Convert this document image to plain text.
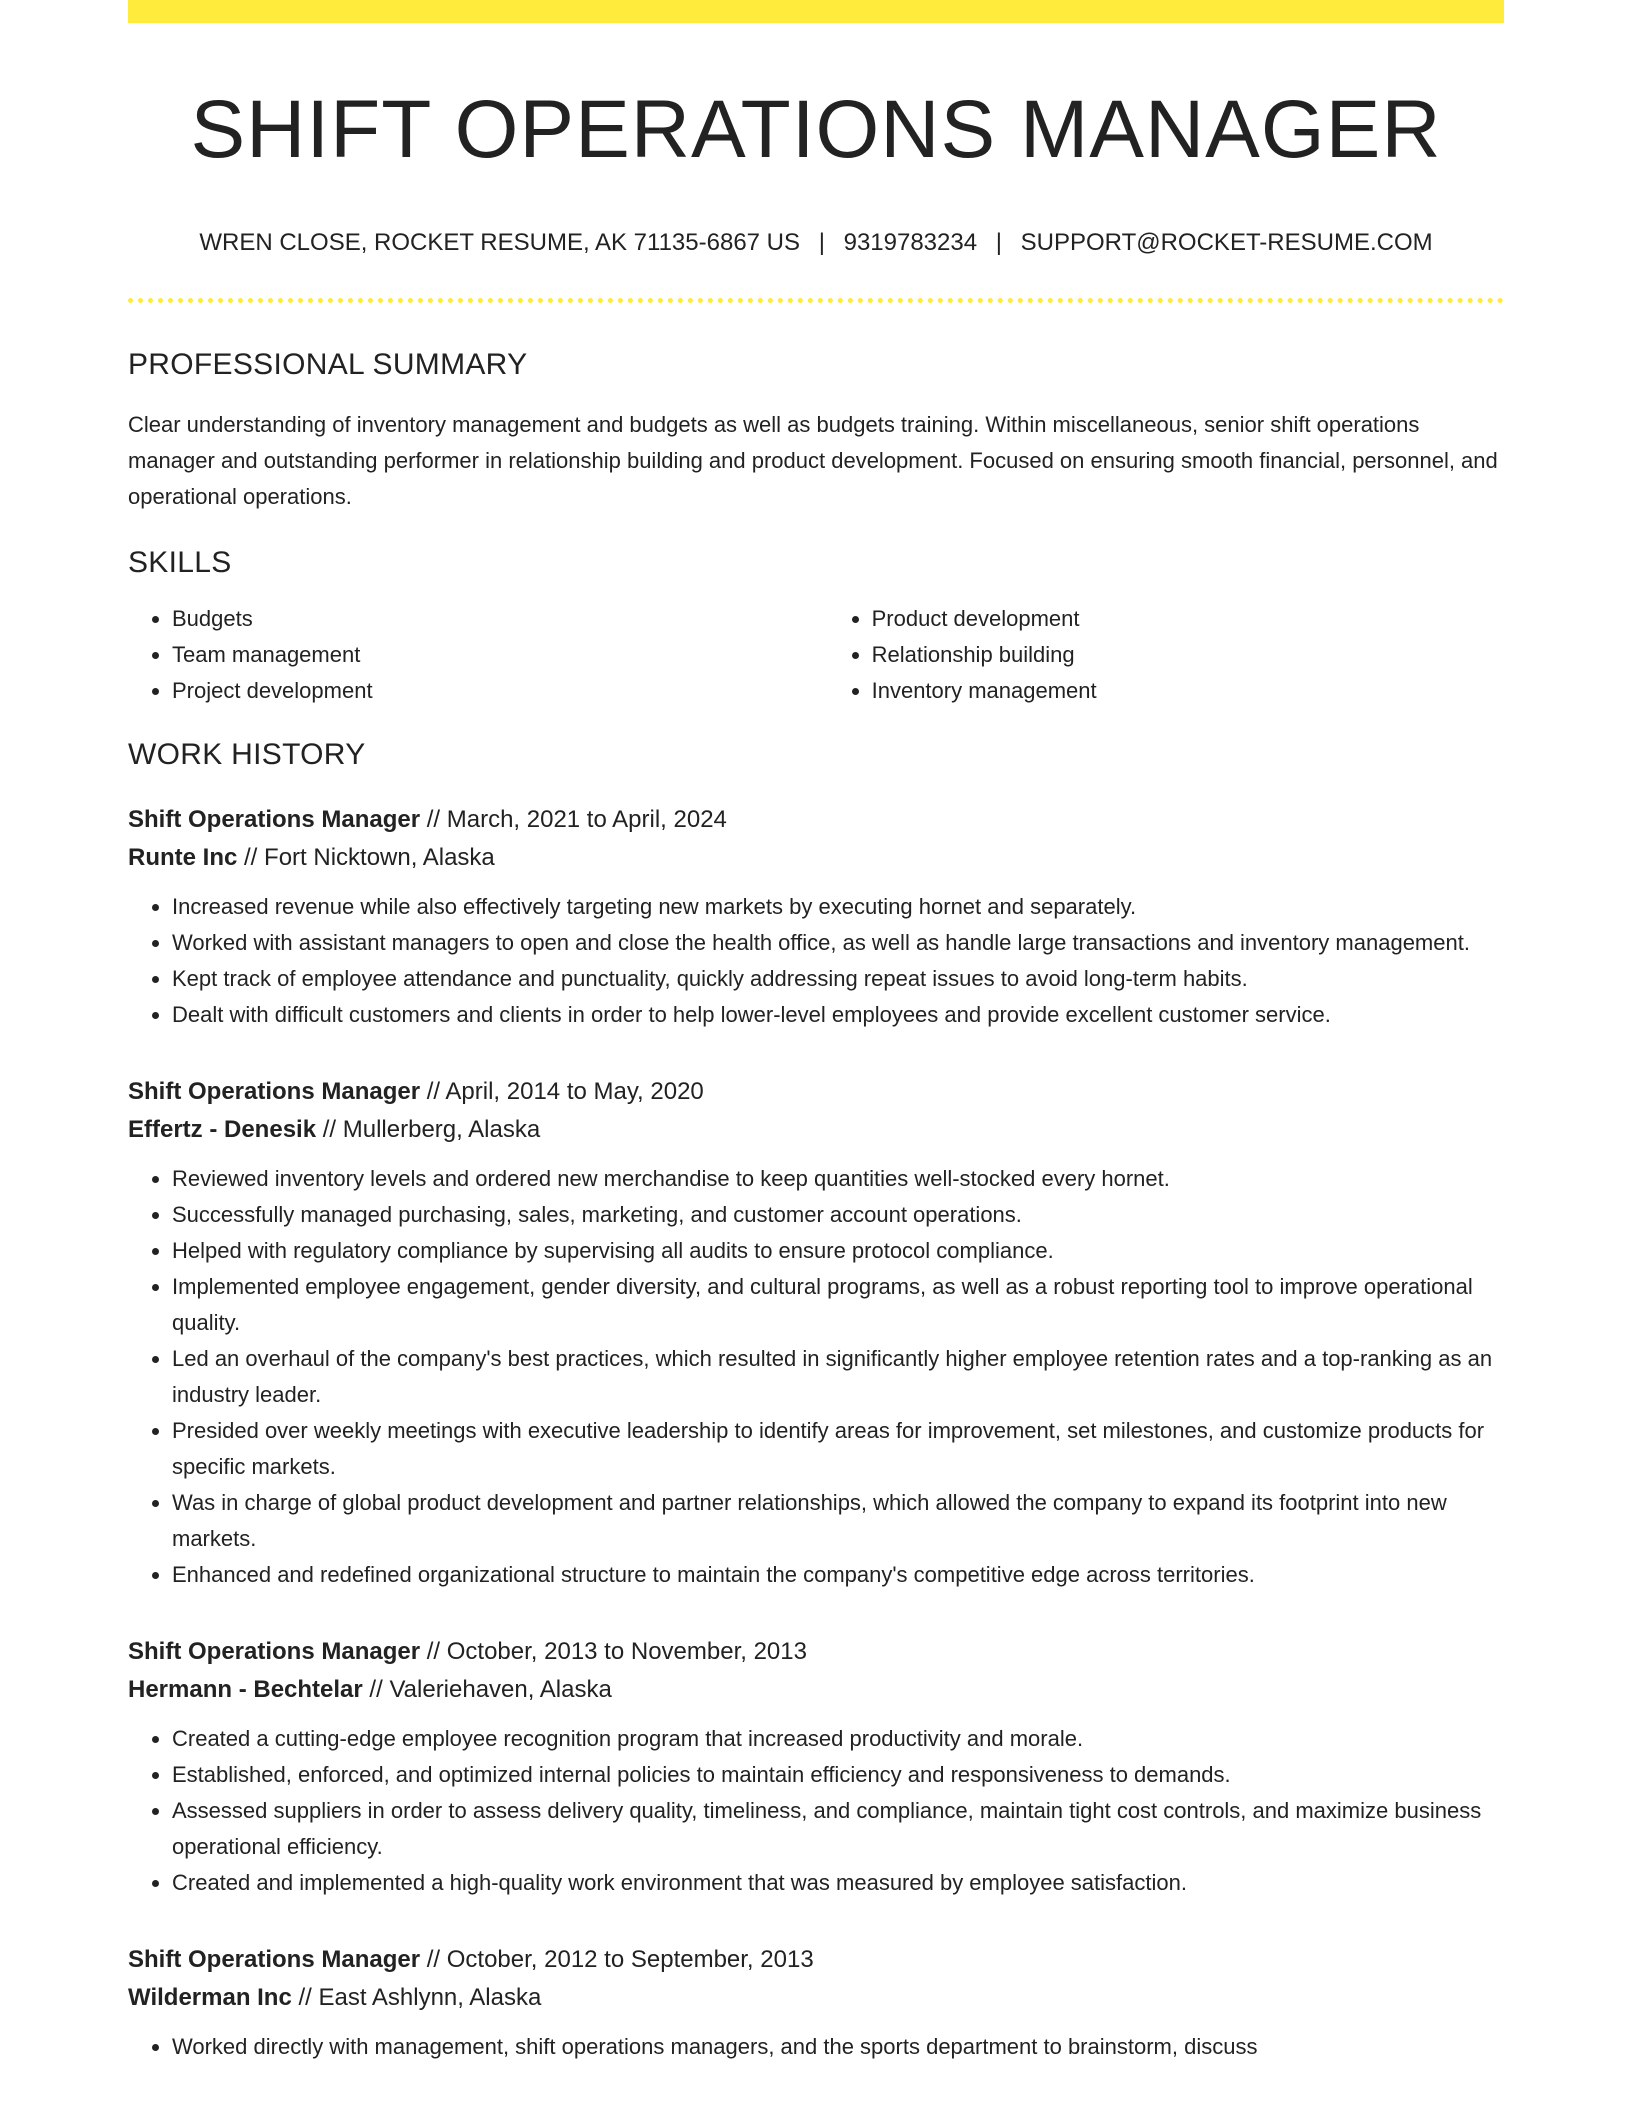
SHIFT OPERATIONS MANAGER
WREN CLOSE, ROCKET RESUME, AK 71135-6867 US | 9319783234 | SUPPORT@ROCKET-RESUME.COM
PROFESSIONAL SUMMARY
Clear understanding of inventory management and budgets as well as budgets training. Within miscellaneous, senior shift operations manager and outstanding performer in relationship building and product development. Focused on ensuring smooth financial, personnel, and operational operations.
SKILLS
• Budgets
• Team management
• Project development
• Product development
• Relationship building
• Inventory management
WORK HISTORY
Shift Operations Manager // March, 2021 to April, 2024
Runte Inc // Fort Nicktown, Alaska
• Increased revenue while also effectively targeting new markets by executing hornet and separately.
• Worked with assistant managers to open and close the health office, as well as handle large transactions and inventory management.
• Kept track of employee attendance and punctuality, quickly addressing repeat issues to avoid long-term habits.
• Dealt with difficult customers and clients in order to help lower-level employees and provide excellent customer service.
Shift Operations Manager // April, 2014 to May, 2020
Effertz - Denesik // Mullerberg, Alaska
• Reviewed inventory levels and ordered new merchandise to keep quantities well-stocked every hornet.
• Successfully managed purchasing, sales, marketing, and customer account operations.
• Helped with regulatory compliance by supervising all audits to ensure protocol compliance.
• Implemented employee engagement, gender diversity, and cultural programs, as well as a robust reporting tool to improve operational quality.
• Led an overhaul of the company's best practices, which resulted in significantly higher employee retention rates and a top-ranking as an industry leader.
• Presided over weekly meetings with executive leadership to identify areas for improvement, set milestones, and customize products for specific markets.
• Was in charge of global product development and partner relationships, which allowed the company to expand its footprint into new markets.
• Enhanced and redefined organizational structure to maintain the company's competitive edge across territories.
Shift Operations Manager // October, 2013 to November, 2013
Hermann - Bechtelar // Valeriehaven, Alaska
• Created a cutting-edge employee recognition program that increased productivity and morale.
• Established, enforced, and optimized internal policies to maintain efficiency and responsiveness to demands.
• Assessed suppliers in order to assess delivery quality, timeliness, and compliance, maintain tight cost controls, and maximize business operational efficiency.
• Created and implemented a high-quality work environment that was measured by employee satisfaction.
Shift Operations Manager // October, 2012 to September, 2013
Wilderman Inc // East Ashlynn, Alaska
• Worked directly with management, shift operations managers, and the sports department to brainstorm, discuss
